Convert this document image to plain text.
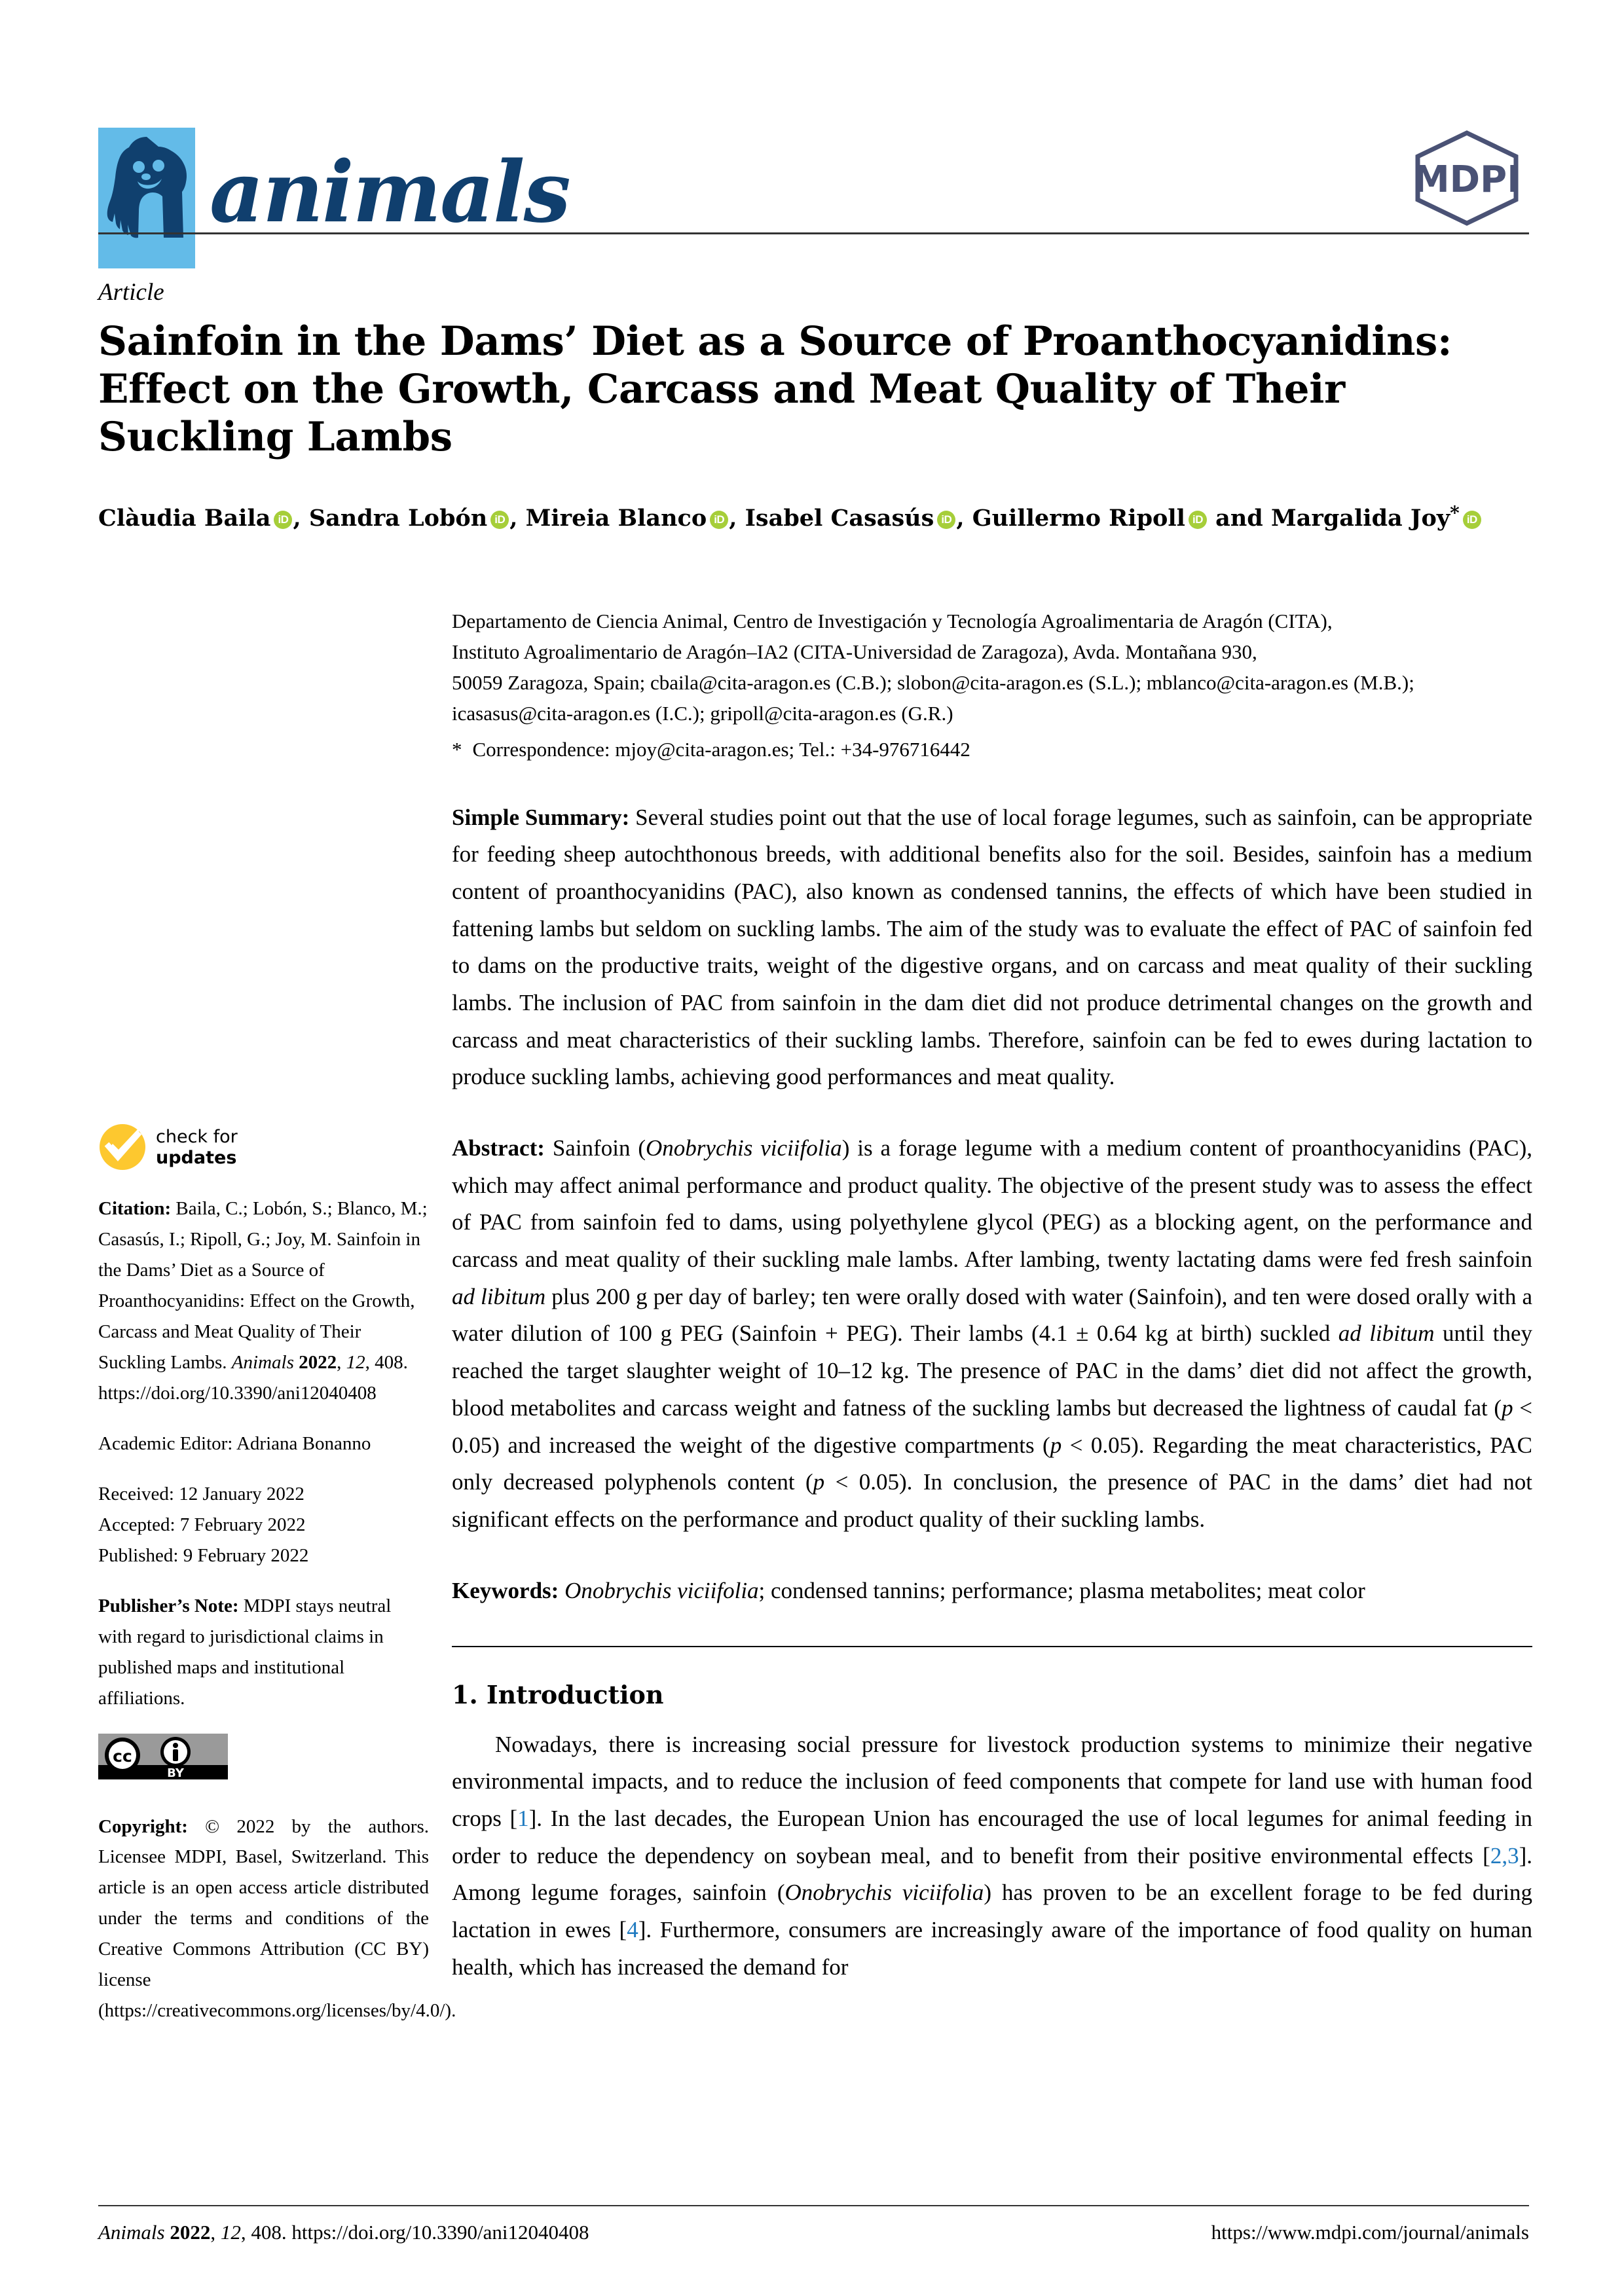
animals	MDPI
Article
Sainfoin in the Dams’ Diet as a Source of Proanthocyanidins: Effect on the Growth, Carcass and Meat Quality of Their Suckling Lambs
Clàudia Baila iD , Sandra Lobón iD , Mireia Blanco iD , Isabel Casasús iD , Guillermo Ripoll iD and Margalida Joy* iD
check for
updates

Citation: Baila, C.; Lobón, S.; Blanco, M.; Casasús, I.; Ripoll, G.; Joy, M. Sainfoin in the Dams’ Diet as a Source of Proanthocyanidins: Effect on the Growth, Carcass and Meat Quality of Their Suckling Lambs. Animals 2022, 12, 408. https://doi.org/10.3390/ani12040408

Academic Editor: Adriana Bonanno

Received: 12 January 2022
Accepted: 7 February 2022
Published: 9 February 2022

Publisher’s Note: MDPI stays neutral with regard to jurisdictional claims in published maps and institutional affiliations.

cc
BY

Copyright: © 2022 by the authors. Licensee MDPI, Basel, Switzerland. This article is an open access article distributed under the terms and conditions of the Creative Commons Attribution (CC BY) license (https://creativecommons.org/licenses/by/4.0/).

Departamento de Ciencia Animal, Centro de Investigación y Tecnología Agroalimentaria de Aragón (CITA),
Instituto Agroalimentario de Aragón–IA2 (CITA-Universidad de Zaragoza), Avda. Montañana 930,
50059 Zaragoza, Spain; cbaila@cita-aragon.es (C.B.); slobon@cita-aragon.es (S.L.); mblanco@cita-aragon.es (M.B.);
icasasus@cita-aragon.es (I.C.); gripoll@cita-aragon.es (G.R.)
* Correspondence: mjoy@cita-aragon.es; Tel.: +34-976716442
Simple Summary: Several studies point out that the use of local forage legumes, such as sainfoin, can be appropriate for feeding sheep autochthonous breeds, with additional benefits also for the soil. Besides, sainfoin has a medium content of proanthocyanidins (PAC), also known as condensed tannins, the effects of which have been studied in fattening lambs but seldom on suckling lambs. The aim of the study was to evaluate the effect of PAC of sainfoin fed to dams on the productive traits, weight of the digestive organs, and on carcass and meat quality of their suckling lambs. The inclusion of PAC from sainfoin in the dam diet did not produce detrimental changes on the growth and carcass and meat characteristics of their suckling lambs. Therefore, sainfoin can be fed to ewes during lactation to produce suckling lambs, achieving good performances and meat quality.
Abstract: Sainfoin (Onobrychis viciifolia) is a forage legume with a medium content of proanthocyanidins (PAC), which may affect animal performance and product quality. The objective of the present study was to assess the effect of PAC from sainfoin fed to dams, using polyethylene glycol (PEG) as a blocking agent, on the performance and carcass and meat quality of their suckling male lambs. After lambing, twenty lactating dams were fed fresh sainfoin ad libitum plus 200 g per day of barley; ten were orally dosed with water (Sainfoin), and ten were dosed orally with a water dilution of 100 g PEG (Sainfoin + PEG). Their lambs (4.1 ± 0.64 kg at birth) suckled ad libitum until they reached the target slaughter weight of 10–12 kg. The presence of PAC in the dams’ diet did not affect the growth, blood metabolites and carcass weight and fatness of the suckling lambs but decreased the lightness of caudal fat (p < 0.05) and increased the weight of the digestive compartments (p < 0.05). Regarding the meat characteristics, PAC only decreased polyphenols content (p < 0.05). In conclusion, the presence of PAC in the dams’ diet had not significant effects on the performance and product quality of their suckling lambs.
Keywords: Onobrychis viciifolia; condensed tannins; performance; plasma metabolites; meat color
1. Introduction
Nowadays, there is increasing social pressure for livestock production systems to minimize their negative environmental impacts, and to reduce the inclusion of feed components that compete for land use with human food crops [1]. In the last decades, the European Union has encouraged the use of local legumes for animal feeding in order to reduce the dependency on soybean meal, and to benefit from their positive environmental effects [2,3]. Among legume forages, sainfoin (Onobrychis viciifolia) has proven to be an excellent forage to be fed during lactation in ewes [4]. Furthermore, consumers are increasingly aware of the importance of food quality on human health, which has increased the demand for
Animals 2022, 12, 408. https://doi.org/10.3390/ani12040408	https://www.mdpi.com/journal/animals
